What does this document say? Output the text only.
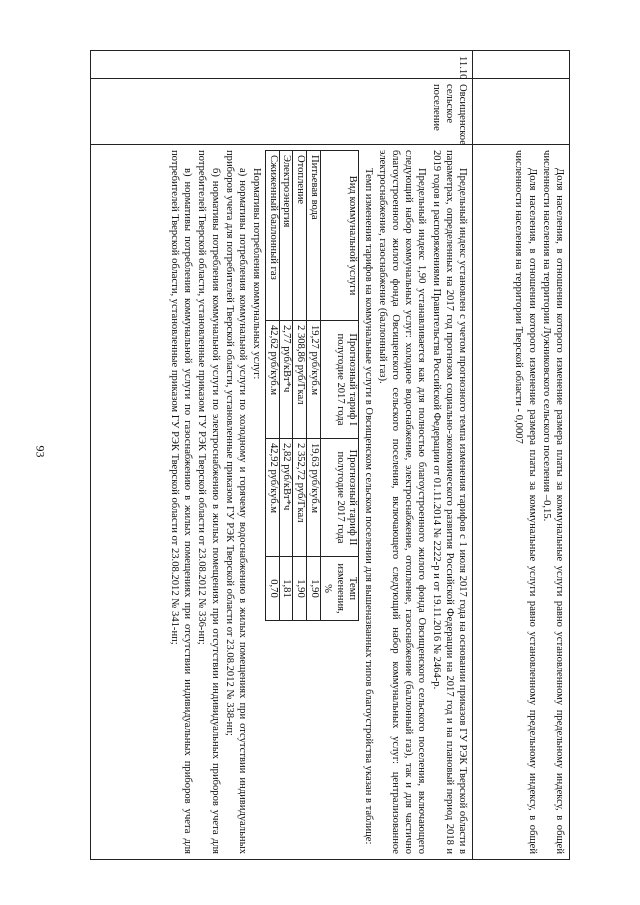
93
			Доля населения, в отношении которого изменение размера платы за коммунальные услуги равно установленному предельному индексу, в общей численности населения на территории Лужниковского сельского поселения –0,15.

Доля населения, в отношении которого изменение размера платы за коммунальные услуги равно установленному предельному индексу, в общей численности населения на территории Тверской области - 0,0007

11.10	Овсищенское сельское поселение	

Предельный индекс установлен с учетом прогнозного темпа изменения тарифов с 1 июля 2017 года на основании приказов ГУ РЭК Тверской области в параметрах, определенных на 2017 год прогнозом социально-экономического развития Российской Федерации на 2017 год и на плановый период 2018 и 2019 годов и распоряжениями Правительства Российской Федерации от 01.11.2014 № 2222-р и от 19.11.2016 № 2464-р.

Предельный индекс 1,90 устанавливается как для полностью благоустроенного жилого фонда Овсищенского сельского поселения, включающего следующий набор коммунальных услуг: холодное водоснабжение, электроснабжение, отопление, газоснабжение (баллонный газ), так и для частично благоустроенного жилого фонда Овсищенского сельского поселения, включающего следующий набор коммунальных услуг: централизованное электроснабжение, газоснабжение (баллонный газ).

Темп изменения тарифов на коммунальные услуги в Овсищенском сельском поселении для вышеназванных типов благоустройства указан в таблице:

Вид коммунальной услуги	Прогнозный тариф I полугодие 2017 года	Прогнозный тариф II полугодие 2017 года	Темп изменения, %
Питьевая вода	19,27 руб/куб.м	19,63 руб/куб.м	1,90
Отопление	2 308,86 руб/Гкал	2 352,72 руб/Гкал	1,90
Электроэнергия	2,77 руб/кВт*ч	2,82 руб/кВт*ч	1,81
Сжиженный баллонный газ	42,62 руб/куб.м	42,92 руб/куб.м	0,70

Нормативы потребления коммунальных услуг:

а) нормативы потребления коммунальной услуги по холодному и горячему водоснабжению в жилых помещениях при отсутствии индивидуальных приборов учета для потребителей Тверской области, установленные приказом ГУ РЭК Тверской области от 23.08.2012 № 338-нп;

б) нормативы потребления коммунальной услуги по электроснабжению в жилых помещениях при отсутствии индивидуальных приборов учета для потребителей Тверской области, установленные приказом ГУ РЭК Тверской области от 23.08.2012 № 336-нп;

в) нормативы потребления коммунальной услуги по газоснабжению в жилых помещениях при отсутствии индивидуальных приборов учета для потребителей Тверской области, установленные приказом ГУ РЭК Тверской области от 23.08.2012 № 341-нп;
